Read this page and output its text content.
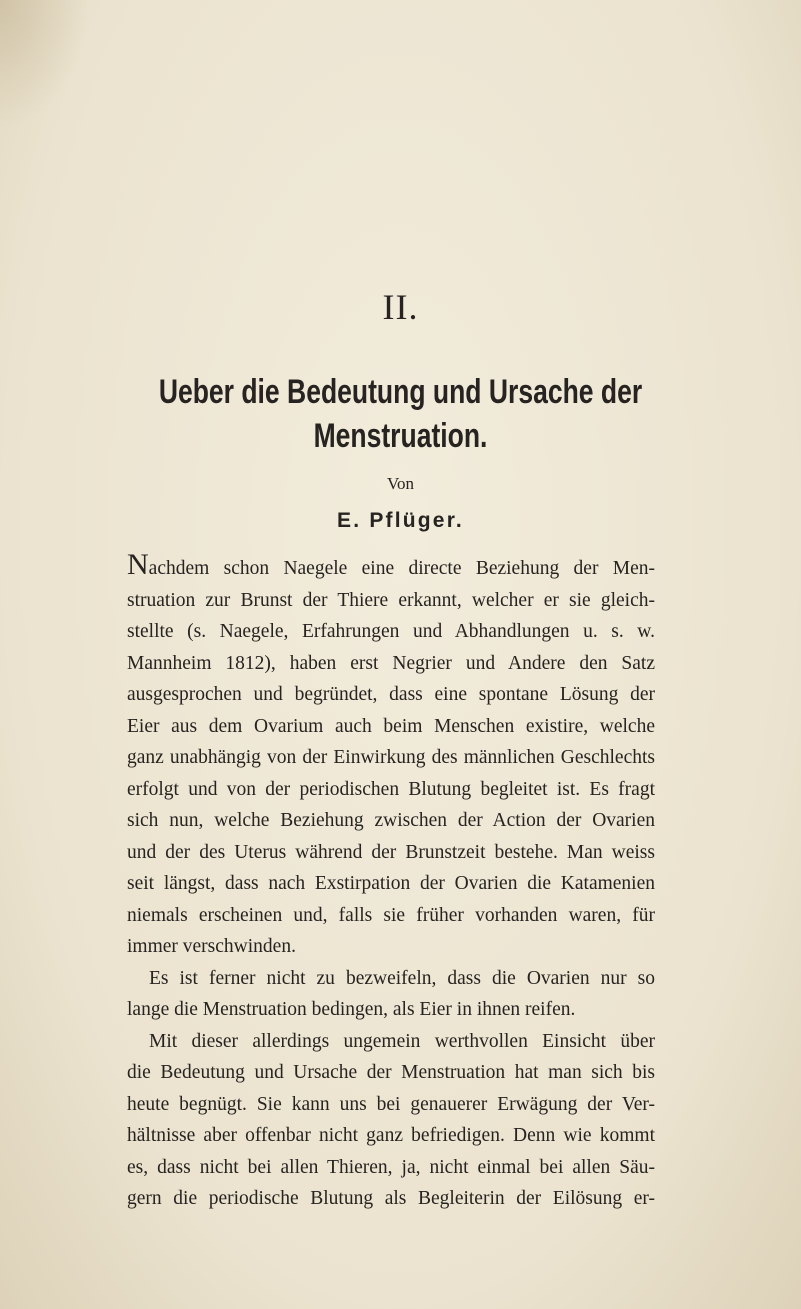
II.
Ueber die Bedeutung und Ursache der
Menstruation.
Von
E. Pflüger.
Nachdem schon Naegele eine directe Beziehung der Men-
struation zur Brunst der Thiere erkannt, welcher er sie gleich-
stellte (s. Naegele, Erfahrungen und Abhandlungen u. s. w.
Mannheim 1812), haben erst Negrier und Andere den Satz
ausgesprochen und begründet, dass eine spontane Lösung der
Eier aus dem Ovarium auch beim Menschen existire, welche
ganz unabhängig von der Einwirkung des männlichen Geschlechts
erfolgt und von der periodischen Blutung begleitet ist. Es fragt
sich nun, welche Beziehung zwischen der Action der Ovarien
und der des Uterus während der Brunstzeit bestehe. Man weiss
seit längst, dass nach Exstirpation der Ovarien die Katamenien
niemals erscheinen und, falls sie früher vorhanden waren, für
immer verschwinden.
Es ist ferner nicht zu bezweifeln, dass die Ovarien nur so
lange die Menstruation bedingen, als Eier in ihnen reifen.
Mit dieser allerdings ungemein werthvollen Einsicht über
die Bedeutung und Ursache der Menstruation hat man sich bis
heute begnügt. Sie kann uns bei genauerer Erwägung der Ver-
hältnisse aber offenbar nicht ganz befriedigen. Denn wie kommt
es, dass nicht bei allen Thieren, ja, nicht einmal bei allen Säu-
gern die periodische Blutung als Begleiterin der Eilösung er-
